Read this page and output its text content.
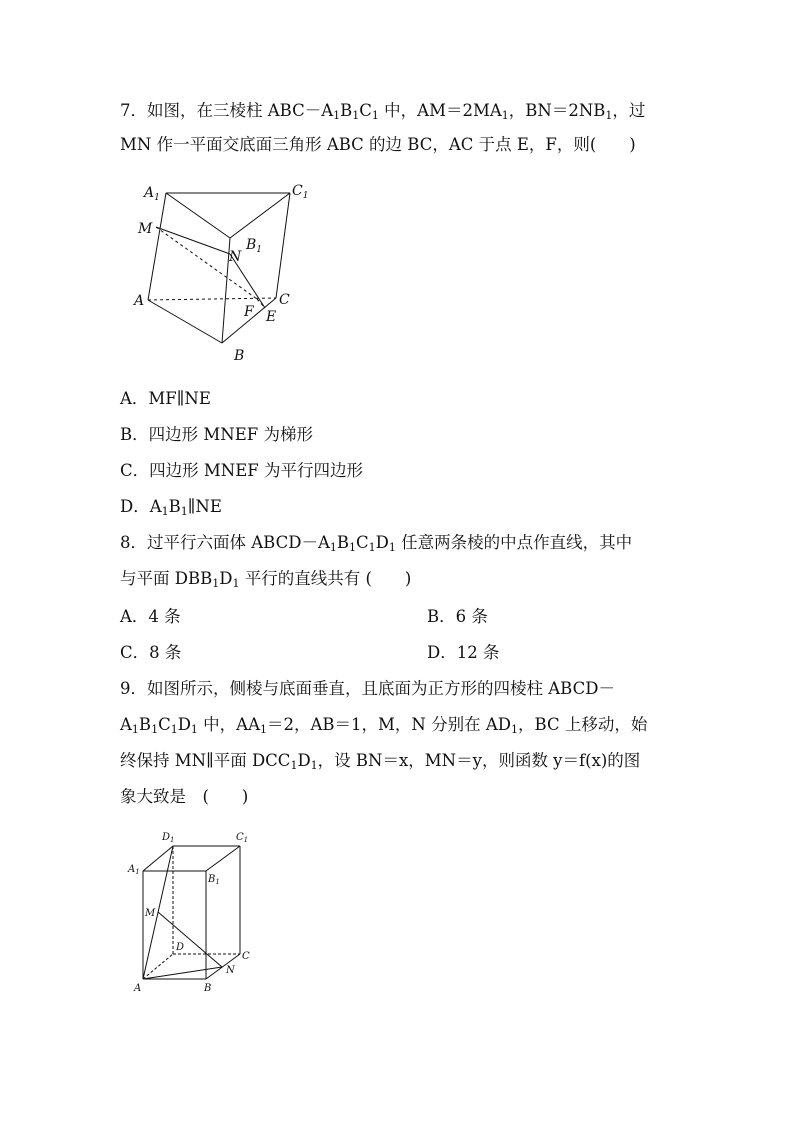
7．如图，在三棱柱 $ABC-A_1B_1C_1$ 中，$AM=2MA_1$，$BN=2NB_1$，过
MN 作一平面交底面三角形 ABC 的边 BC，AC 于点 E，F，则(　　)
$A_1$	$C_1$
M
N
$B_1$
A
F E
C
B
A．MF∥NE
B．四边形 MNEF 为梯形
C．四边形 MNEF 为平行四边形
D．$A_1B_1\parallel NE$
8．过平行六面体 $ABCD-A_1B_1C_1D_1$ 任意两条棱的中点作直线，其中
与平面 $DBB_1D_1$ 平行的直线共有 (　　)
A．4 条	B．6 条
C．8 条	D．12 条
9．如图所示，侧棱与底面垂直，且底面为正方形的四棱柱 ABCD－
$A_1B_1C_1D_1$ 中，$AA_1=2$，AB＝1，M，N 分别在 $AD_1$，BC 上移动，始
终保持 MN∥平面 $DCC_1D_1$，设 BN＝x，MN＝y，则函数 y＝f(x)的图
象大致是　(　　)
$D_1$	$C_1$
$A_1$
$B_1$
M
D
C
N
A	B
